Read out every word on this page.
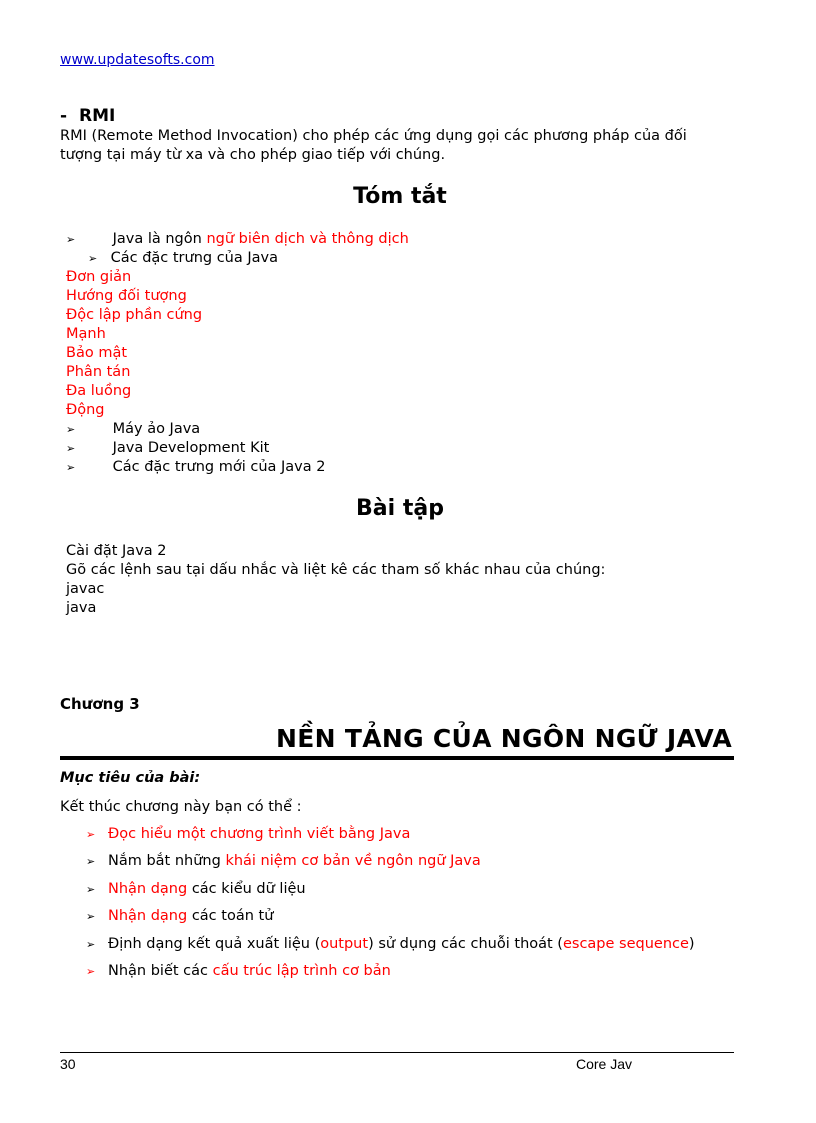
www.updatesofts.com
- RMI
RMI (Remote Method Invocation) cho phép các ứng dụng gọi các phương pháp của đối
tượng tại máy từ xa và cho phép giao tiếp với chúng.
Tóm tắt
➢	Java là ngôn ngữ biên dịch và thông dịch
➢ Các đặc trưng của Java
Đơn giản
Hướng đối tượng
Độc lập phần cứng
Mạnh
Bảo mật
Phân tán
Đa luồng
Động
➢	Máy ảo Java
➢	Java Development Kit
➢	Các đặc trưng mới của Java 2
Bài tập
Cài đặt Java 2
Gõ các lệnh sau tại dấu nhắc và liệt kê các tham số khác nhau của chúng:
javac
java
Chương 3
NỀN TẢNG CỦA NGÔN NGỮ JAVA
Mục tiêu của bài:
Kết thúc chương này bạn có thể :
➢ Đọc hiểu một chương trình viết bằng Java
➢ Nắm bắt những khái niệm cơ bản về ngôn ngữ Java
➢ Nhận dạng các kiểu dữ liệu
➢ Nhận dạng các toán tử
➢ Định dạng kết quả xuất liệu (output) sử dụng các chuỗi thoát (escape sequence)
➢ Nhận biết các cấu trúc lập trình cơ bản
30	Core Jav
